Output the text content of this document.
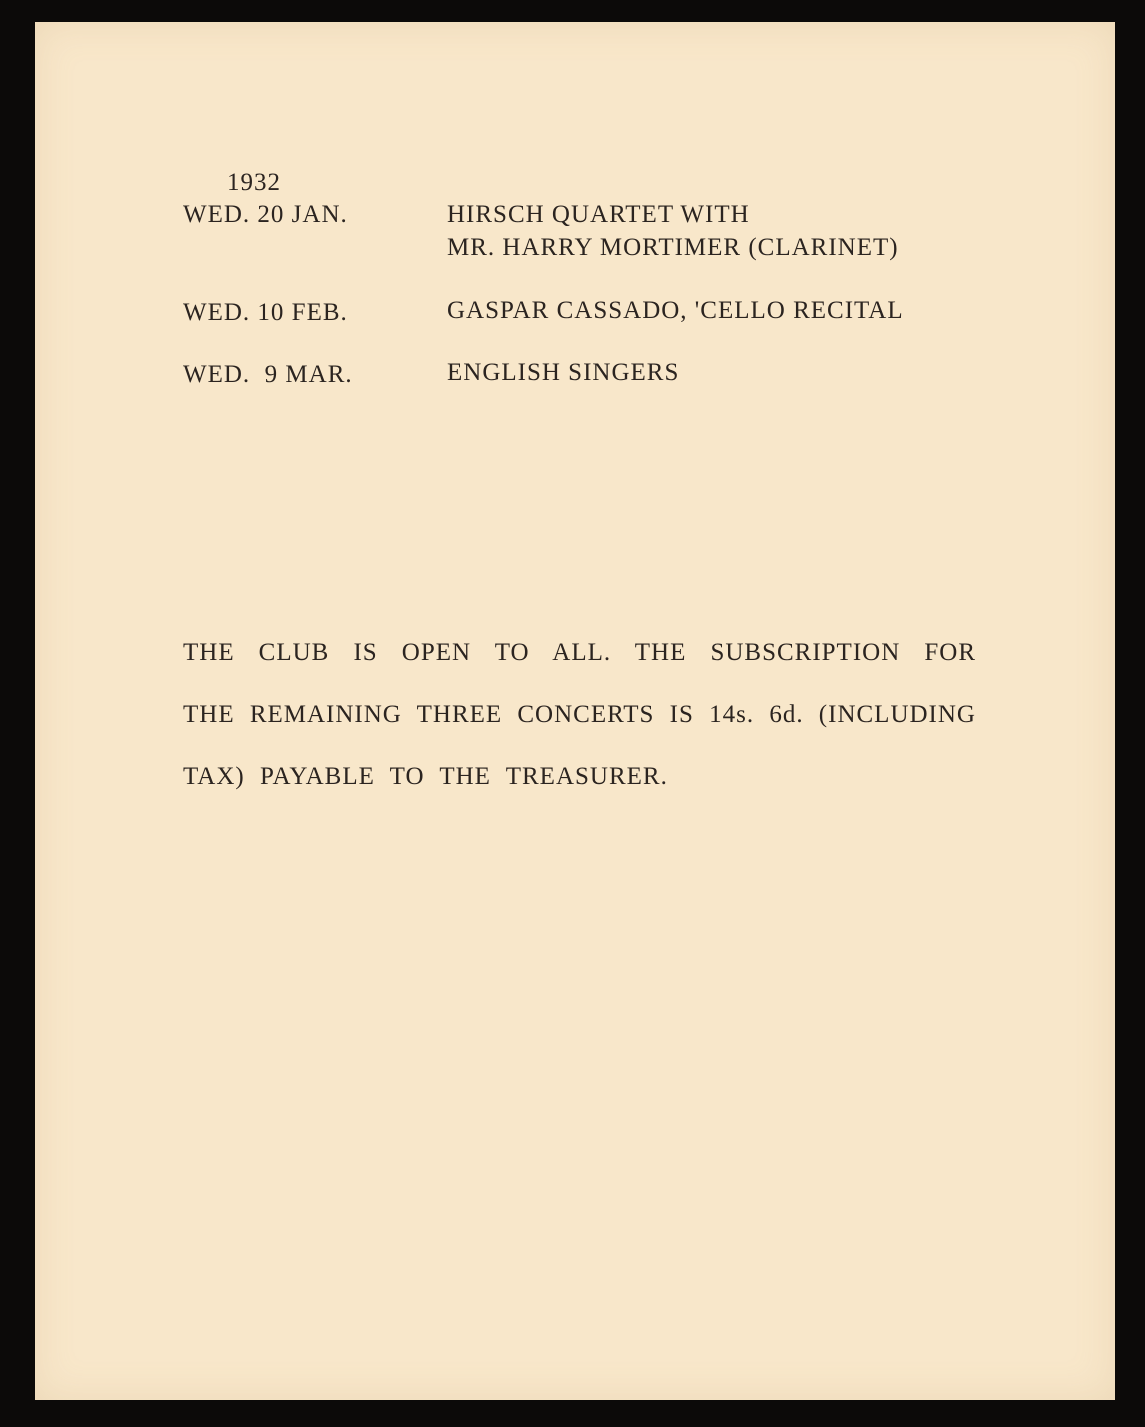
1932
WED. 20 JAN.	HIRSCH QUARTET WITH
MR. HARRY MORTIMER (CLARINET)
WED. 10 FEB.	GASPAR CASSADO, 'CELLO RECITAL
WED.  9 MAR.	ENGLISH SINGERS
THE CLUB IS OPEN TO ALL. THE SUBSCRIPTION FOR
THE REMAINING THREE CONCERTS IS 14s. 6d. (INCLUDING
TAX) PAYABLE TO THE TREASURER.
